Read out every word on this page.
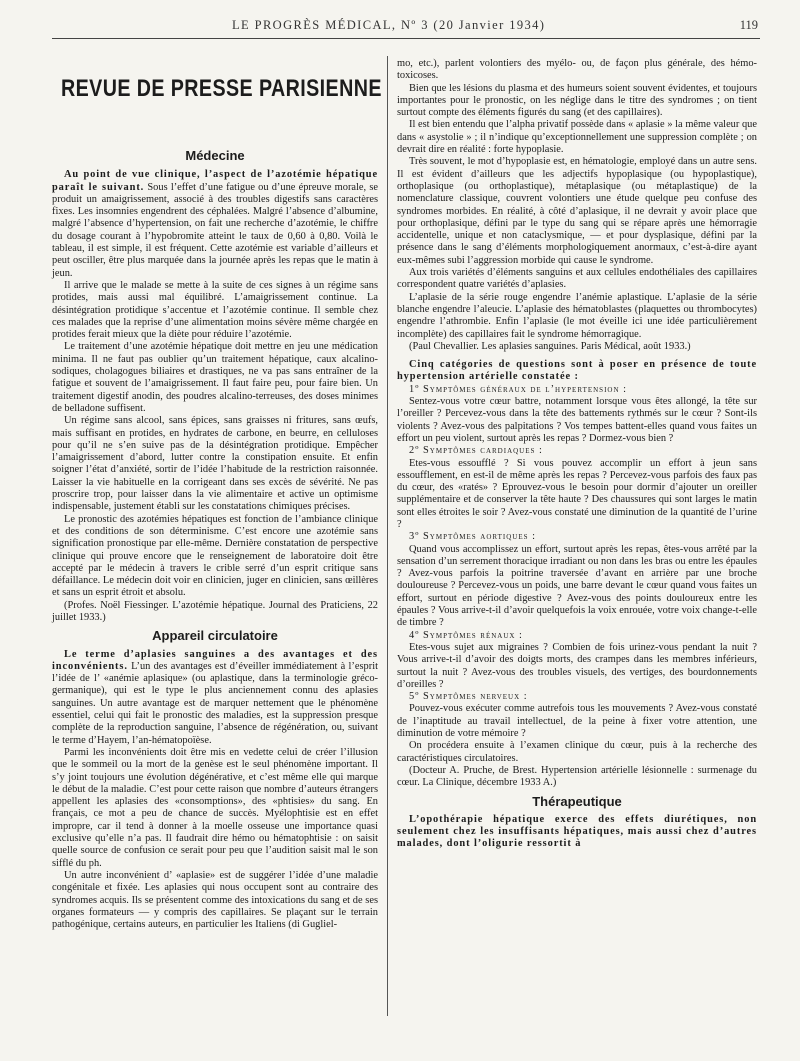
LE PROGRÈS MÉDICAL, Nº 3 (20 Janvier 1934)	119
REVUE DE PRESSE PARISIENNE
Médecine

Au point de vue clinique, l’aspect de l’azotémie hépatique paraît le suivant. Sous l’effet d’une fatigue ou d’une épreuve morale, se produit un amaigrissement, associé à des troubles digestifs sans caractères fixes. Les insomnies engendrent des céphalées. Malgré l’absence d’albumine, malgré l’absence d’hypertension, on fait une recherche d’azotémie, le chiffre du dosage courant à l’hypobromite atteint le taux de 0,60 à 0,80. Voilà le tableau, il est simple, il est fréquent. Cette azotémie est variable d’ailleurs et peut osciller, être plus marquée dans la journée après les repas que le matin à jeun.

Il arrive que le malade se mette à la suite de ces signes à un régime sans protides, mais aussi mal équilibré. L’amaigrissement continue. La désintégration protidique s’accentue et l’azotémie continue. Il semble chez ces malades que la reprise d’une alimentation moins sévère même chargée en protides ferait mieux que la diète pour réduire l’azotémie.

Le traitement d’une azotémie hépatique doit mettre en jeu une médication minima. Il ne faut pas oublier qu’un traitement hépatique, caux alcalino-sodiques, cholagogues biliaires et drastiques, ne va pas sans entraîner de la fatigue et souvent de l’amaigrissement. Il faut faire peu, pour faire bien. Un traitement digestif anodin, des poudres alcalino-terreuses, des doses minimes de belladone suffisent.

Un régime sans alcool, sans épices, sans graisses ni fritures, sans œufs, mais suffisant en protides, en hydrates de carbone, en beurre, en celluloses pour qu’il ne s’en suive pas de la désintégration protidique. Empêcher l’amaigrissement d’abord, lutter contre la constipation ensuite. Et enfin soigner l’état d’anxiété, sortir de l’idée l’habitude de la restriction raisonnée. Laisser la vie habituelle en la corrigeant dans ses excès de sévérité. Ne pas proscrire trop, pour laisser dans la vie alimentaire et active un optimisme indispensable, justement établi sur les constatations chimiques précises.

Le pronostic des azotémies hépatiques est fonction de l’ambiance clinique et des conditions de son déterminisme. C’est encore une azotémie sans signification pronostique par elle-même. Dernière constatation de perspective clinique qui prouve encore que le renseignement de laboratoire doit être accepté par le médecin à travers le crible serré d’un esprit critique sans défaillance. Le médecin doit voir en clinicien, juger en clinicien, sans œillères et sans un esprit étroit et absolu.

(Profes. Noël Fiessinger. L’azotémie hépatique. Journal des Praticiens, 22 juillet 1933.)

Appareil circulatoire

Le terme d’aplasies sanguines a des avantages et des inconvénients. L’un des avantages est d’éveiller immédiatement à l’esprit l’idée de l’ «anémie aplasique» (ou aplastique, dans la terminologie gréco-germanique), qui est le type le plus anciennement connu des aplasies sanguines. Un autre avantage est de marquer nettement que le phénomène essentiel, celui qui fait le pronostic des maladies, est la suppression presque complète de la reproduction sanguine, l’absence de régénération, ou, suivant le terme d’Hayem, l’an-hématopoïèse.

Parmi les inconvénients doit être mis en vedette celui de créer l’illusion que le sommeil ou la mort de la genèse est le seul phénomène important. Il s’y joint toujours une évolution dégénérative, et c’est même elle qui marque le début de la maladie. C’est pour cette raison que nombre d’auteurs étrangers appellent les aplasies des «consomptions», des «phtisies» du sang. En français, ce mot a peu de chance de succès. Myélophtisie est en effet impropre, car il tend à donner à la moelle osseuse une importance quasi exclusive qu’elle n’a pas. Il faudrait dire hémo ou hématophtisie : on saisit quelle source de confusion ce serait pour peu que l’audition saisit mal le son sifflé du ph.

Un autre inconvénient d’ «aplasie» est de suggérer l’idée d’une maladie congénitale et fixée. Les aplasies qui nous occupent sont au contraire des syndromes acquis. Ils se présentent comme des intoxications du sang et de ses organes formateurs — y compris des capillaires. Se plaçant sur le terrain pathogénique, certains auteurs, en particulier les Italiens (di Gugliel-

mo, etc.), parlent volontiers des myélo- ou, de façon plus générale, des hémo-toxicoses.

Bien que les lésions du plasma et des humeurs soient souvent évidentes, et toujours importantes pour le pronostic, on les néglige dans le titre des syndromes ; on tient surtout compte des éléments figurés du sang (et des capillaires).

Il est bien entendu que l’alpha privatif possède dans « aplasie » la même valeur que dans « asystolie » ; il n’indique qu’exceptionnellement une suppression complète ; on devrait dire en réalité : forte hypoplasie.

Très souvent, le mot d’hypoplasie est, en hématologie, employé dans un autre sens. Il est évident d’ailleurs que les adjectifs hypoplasique (ou hypoplastique), orthoplasique (ou orthoplastique), métaplasique (ou métaplastique) de la nomenclature classique, couvrent volontiers une étude quelque peu confuse des syndromes morbides. En réalité, à côté d’aplasique, il ne devrait y avoir place que pour orthoplasique, défini par le type du sang qui se répare après une hémorragie accidentelle, unique et non cataclysmique, — et pour dysplasique, défini par la présence dans le sang d’éléments morphologiquement anormaux, c’est-à-dire ayant eux-mêmes subi l’aggression morbide qui cause le syndrome.

Aux trois variétés d’éléments sanguins et aux cellules endothéliales des capillaires correspondent quatre variétés d’aplasies.

L’aplasie de la série rouge engendre l’anémie aplastique. L’aplasie de la série blanche engendre l’aleucie. L’aplasie des hématoblastes (plaquettes ou thrombocytes) engendre l’athrombie. Enfin l’aplasie (le mot éveille ici une idée particulièrement incomplète) des capillaires fait le syndrome hémorragique.

(Paul Chevallier. Les aplasies sanguines. Paris Médical, août 1933.)

Cinq catégories de questions sont à poser en présence de toute hypertension artérielle constatée :

1º Symptômes généraux de l’hypertension :

Sentez-vous votre cœur battre, notamment lorsque vous êtes allongé, la tête sur l’oreiller ? Percevez-vous dans la tête des battements rythmés sur le cœur ? Sont-ils violents ? Avez-vous des palpitations ? Vos tempes battent-elles quand vous faites un effort un peu violent, surtout après les repas ? Dormez-vous bien ?

2º Symptômes cardiaques :

Etes-vous essoufflé ? Si vous pouvez accomplir un effort à jeun sans essoufflement, en est-il de même après les repas ? Percevez-vous parfois des faux pas du cœur, des «ratés» ? Eprouvez-vous le besoin pour dormir d’ajouter un oreiller supplémentaire et de conserver la tête haute ? Des chaussures qui sont larges le matin sont elles étroites le soir ? Avez-vous constaté une diminution de la quantité de l’urine ?

3º Symptômes aortiques :

Quand vous accomplissez un effort, surtout après les repas, êtes-vous arrêté par la sensation d’un serrement thoracique irradiant ou non dans les bras ou entre les épaules ? Avez-vous parfois la poitrine traversée d’avant en arrière par une broche douloureuse ? Percevez-vous un poids, une barre devant le cœur quand vous faites un effort, surtout en période digestive ? Avez-vous des points douloureux entre les épaules ? Vous arrive-t-il d’avoir quelquefois la voix enrouée, votre voix change-t-elle de timbre ?

4º Symptômes rénaux :

Etes-vous sujet aux migraines ? Combien de fois urinez-vous pendant la nuit ? Vous arrive-t-il d’avoir des doigts morts, des crampes dans les membres inférieurs, surtout la nuit ? Avez-vous des troubles visuels, des vertiges, des bourdonnements d’oreilles ?

5º Symptômes nerveux :

Pouvez-vous exécuter comme autrefois tous les mouvements ? Avez-vous constaté de l’inaptitude au travail intellectuel, de la peine à fixer votre attention, une diminution de votre mémoire ?

On procédera ensuite à l’examen clinique du cœur, puis à la recherche des caractéristiques circulatoires.

(Docteur A. Pruche, de Brest. Hypertension artérielle lésionnelle : surmenage du cœur. La Clinique, décembre 1933 A.)

Thérapeutique

L’opothérapie hépatique exerce des effets diurétiques, non seulement chez les insuffisants hépatiques, mais aussi chez d’autres malades, dont l’oligurie ressortit à
